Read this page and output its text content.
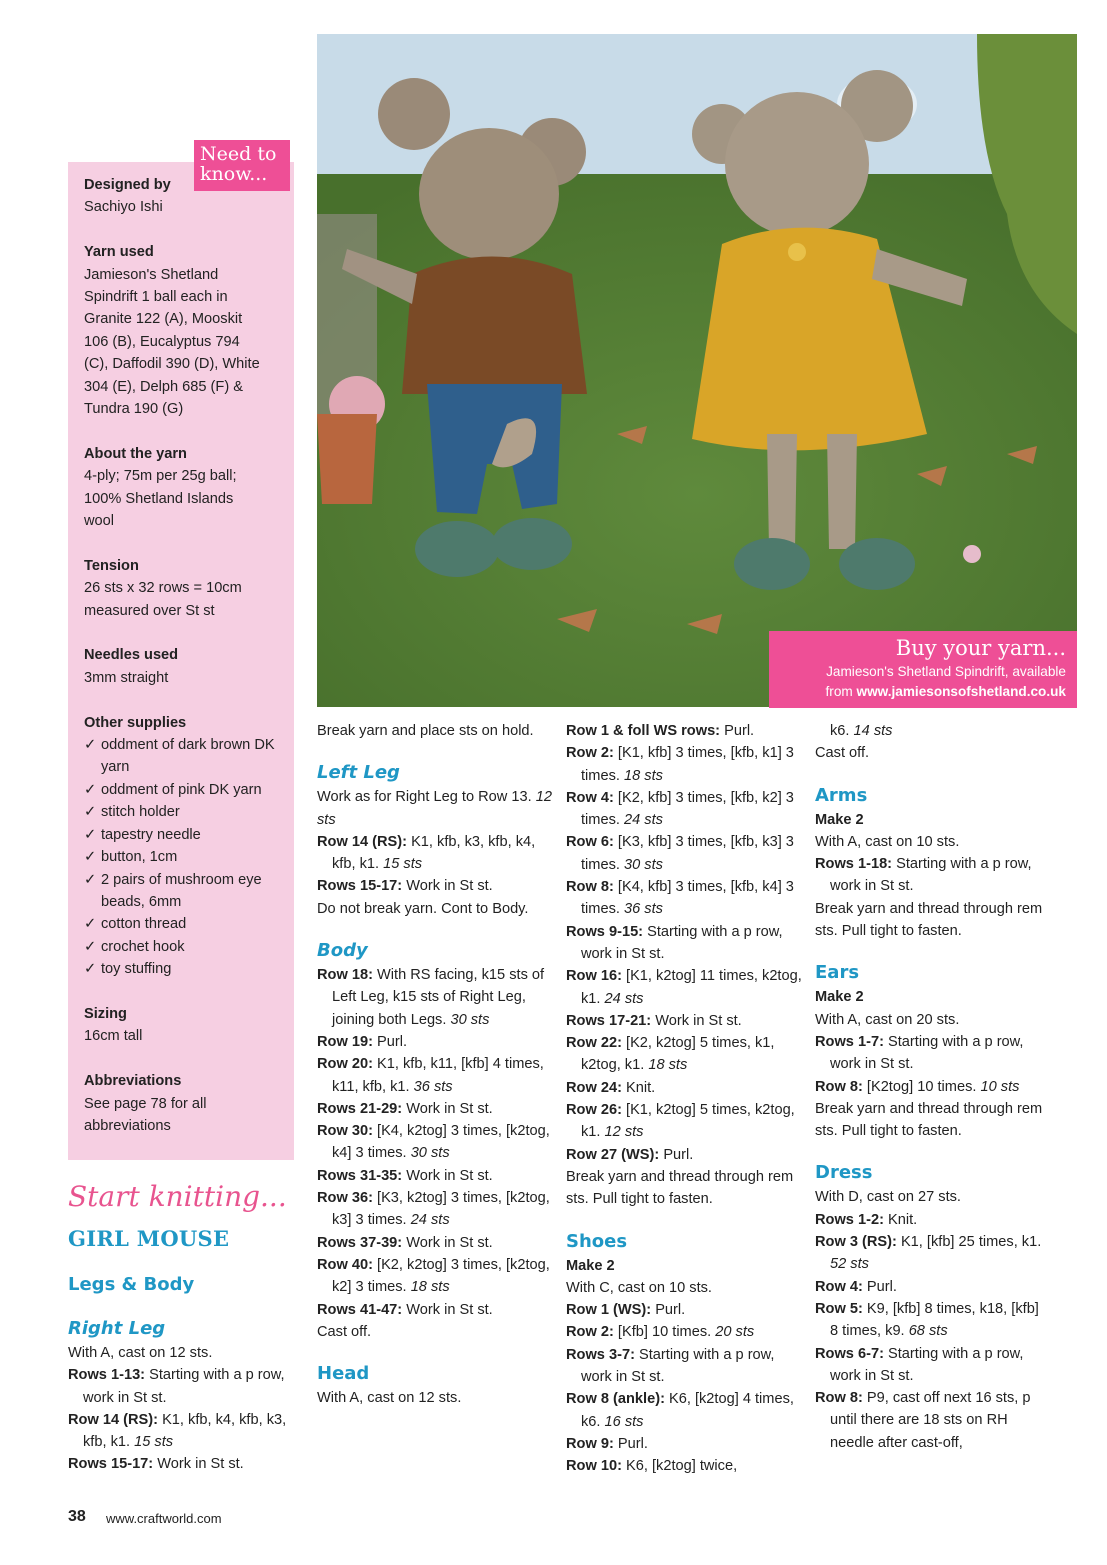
Designed by

Sachiyo Ishi

Yarn used

Jamieson's Shetland Spindrift 1 ball each in Granite 122 (A), Mooskit 106 (B), Eucalyptus 794 (C), Daffodil 390 (D), White 304 (E), Delph 685 (F) & Tundra 190 (G)

About the yarn

4-ply; 75m per 25g ball; 100% Shetland Islands wool

Tension

26 sts x 32 rows = 10cm measured over St st

Needles used

3mm straight

Other supplies

✓ oddment of dark brown DK yarn
✓ oddment of pink DK yarn
✓ stitch holder
✓ tapestry needle
✓ button, 1cm
✓ 2 pairs of mushroom eye beads, 6mm
✓ cotton thread
✓ crochet hook
✓ toy stuffing

Sizing

16cm tall

Abbreviations

See page 78 for all abbreviations

Need to know...
Start knitting...
GIRL MOUSE
Buy your yarn...
Jamieson's Shetland Spindrift, available
from www.jamiesonsofshetland.co.uk
Legs & Body
Right Leg

With A, cast on 12 sts.

Rows 1-13: Starting with a p row, work in St st.

Row 14 (RS): K1, kfb, k4, kfb, k3, kfb, k1. 15 sts

Rows 15-17: Work in St st.

Break yarn and place sts on hold.

Left Leg

Work as for Right Leg to Row 13. 12 sts

Row 14 (RS): K1, kfb, k3, kfb, k4, kfb, k1. 15 sts

Rows 15-17: Work in St st.

Do not break yarn. Cont to Body.

Body

Row 18: With RS facing, k15 sts of Left Leg, k15 sts of Right Leg, joining both Legs. 30 sts

Row 19: Purl.

Row 20: K1, kfb, k11, [kfb] 4 times, k11, kfb, k1. 36 sts

Rows 21-29: Work in St st.

Row 30: [K4, k2tog] 3 times, [k2tog, k4] 3 times. 30 sts

Rows 31-35: Work in St st.

Row 36: [K3, k2tog] 3 times, [k2tog, k3] 3 times. 24 sts

Rows 37-39: Work in St st.

Row 40: [K2, k2tog] 3 times, [k2tog, k2] 3 times. 18 sts

Rows 41-47: Work in St st.

Cast off.

Head

With A, cast on 12 sts.

Row 1 & foll WS rows: Purl.

Row 2: [K1, kfb] 3 times, [kfb, k1] 3 times. 18 sts

Row 4: [K2, kfb] 3 times, [kfb, k2] 3 times. 24 sts

Row 6: [K3, kfb] 3 times, [kfb, k3] 3 times. 30 sts

Row 8: [K4, kfb] 3 times, [kfb, k4] 3 times. 36 sts

Rows 9-15: Starting with a p row, work in St st.

Row 16: [K1, k2tog] 11 times, k2tog, k1. 24 sts

Rows 17-21: Work in St st.

Row 22: [K2, k2tog] 5 times, k1, k2tog, k1. 18 sts

Row 24: Knit.

Row 26: [K1, k2tog] 5 times, k2tog, k1. 12 sts

Row 27 (WS): Purl.

Break yarn and thread through rem sts. Pull tight to fasten.

Shoes

Make 2

With C, cast on 10 sts.

Row 1 (WS): Purl.

Row 2: [Kfb] 10 times. 20 sts

Rows 3-7: Starting with a p row, work in St st.

Row 8 (ankle): K6, [k2tog] 4 times, k6. 16 sts

Row 9: Purl.

Row 10: K6, [k2tog] twice,

k6. 14 sts

Cast off.

Arms

Make 2

With A, cast on 10 sts.

Rows 1-18: Starting with a p row, work in St st.

Break yarn and thread through rem sts. Pull tight to fasten.

Ears

Make 2

With A, cast on 20 sts.

Rows 1-7: Starting with a p row, work in St st.

Row 8: [K2tog] 10 times. 10 sts

Break yarn and thread through rem sts. Pull tight to fasten.

Dress

With D, cast on 27 sts.

Rows 1-2: Knit.

Row 3 (RS): K1, [kfb] 25 times, k1. 52 sts

Row 4: Purl.

Row 5: K9, [kfb] 8 times, k18, [kfb] 8 times, k9. 68 sts

Rows 6-7: Starting with a p row, work in St st.

Row 8: P9, cast off next 16 sts, p until there are 18 sts on RH needle after cast-off,

38 www.craftworld.com
